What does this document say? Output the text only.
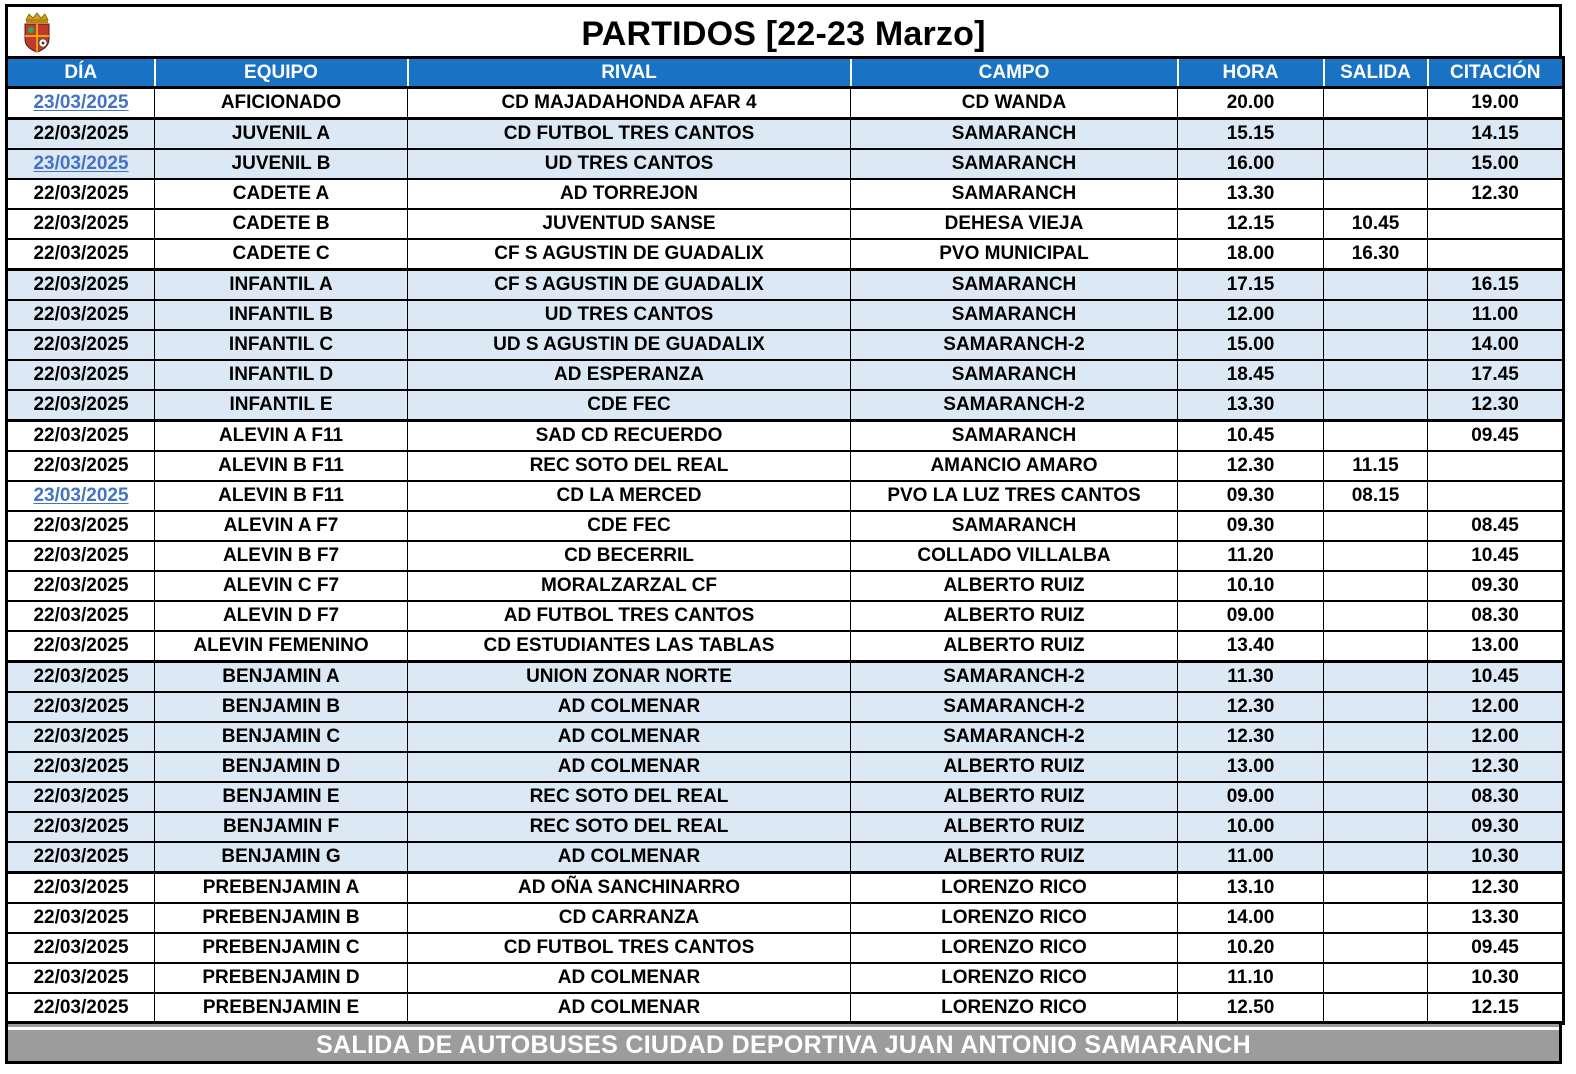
PARTIDOS [22-23 Marzo]
DÍA	EQUIPO	RIVAL	CAMPO	HORA	SALIDA	CITACIÓN
23/03/2025	AFICIONADO	CD MAJADAHONDA AFAR 4	CD WANDA	20.00		19.00
22/03/2025	JUVENIL A	CD FUTBOL TRES CANTOS	SAMARANCH	15.15		14.15
23/03/2025	JUVENIL B	UD TRES CANTOS	SAMARANCH	16.00		15.00
22/03/2025	CADETE A	AD TORREJON	SAMARANCH	13.30		12.30
22/03/2025	CADETE B	JUVENTUD SANSE	DEHESA VIEJA	12.15	10.45	
22/03/2025	CADETE C	CF S AGUSTIN DE GUADALIX	PVO MUNICIPAL	18.00	16.30	
22/03/2025	INFANTIL A	CF S AGUSTIN DE GUADALIX	SAMARANCH	17.15		16.15
22/03/2025	INFANTIL B	UD TRES CANTOS	SAMARANCH	12.00		11.00
22/03/2025	INFANTIL C	UD S AGUSTIN DE GUADALIX	SAMARANCH-2	15.00		14.00
22/03/2025	INFANTIL D	AD ESPERANZA	SAMARANCH	18.45		17.45
22/03/2025	INFANTIL E	CDE FEC	SAMARANCH-2	13.30		12.30
22/03/2025	ALEVIN A F11	SAD CD RECUERDO	SAMARANCH	10.45		09.45
22/03/2025	ALEVIN B F11	REC SOTO DEL REAL	AMANCIO AMARO	12.30	11.15	
23/03/2025	ALEVIN B F11	CD LA MERCED	PVO LA LUZ TRES CANTOS	09.30	08.15	
22/03/2025	ALEVIN A F7	CDE FEC	SAMARANCH	09.30		08.45
22/03/2025	ALEVIN B F7	CD BECERRIL	COLLADO VILLALBA	11.20		10.45
22/03/2025	ALEVIN C F7	MORALZARZAL CF	ALBERTO RUIZ	10.10		09.30
22/03/2025	ALEVIN D F7	AD FUTBOL TRES CANTOS	ALBERTO RUIZ	09.00		08.30
22/03/2025	ALEVIN FEMENINO	CD ESTUDIANTES LAS TABLAS	ALBERTO RUIZ	13.40		13.00
22/03/2025	BENJAMIN A	UNION ZONAR NORTE	SAMARANCH-2	11.30		10.45
22/03/2025	BENJAMIN B	AD COLMENAR	SAMARANCH-2	12.30		12.00
22/03/2025	BENJAMIN C	AD COLMENAR	SAMARANCH-2	12.30		12.00
22/03/2025	BENJAMIN D	AD COLMENAR	ALBERTO RUIZ	13.00		12.30
22/03/2025	BENJAMIN E	REC SOTO DEL REAL	ALBERTO RUIZ	09.00		08.30
22/03/2025	BENJAMIN F	REC SOTO DEL REAL	ALBERTO RUIZ	10.00		09.30
22/03/2025	BENJAMIN G	AD COLMENAR	ALBERTO RUIZ	11.00		10.30
22/03/2025	PREBENJAMIN A	AD OÑA SANCHINARRO	LORENZO RICO	13.10		12.30
22/03/2025	PREBENJAMIN B	CD CARRANZA	LORENZO RICO	14.00		13.30
22/03/2025	PREBENJAMIN C	CD FUTBOL TRES CANTOS	LORENZO RICO	10.20		09.45
22/03/2025	PREBENJAMIN D	AD COLMENAR	LORENZO RICO	11.10		10.30
22/03/2025	PREBENJAMIN E	AD COLMENAR	LORENZO RICO	12.50		12.15
SALIDA DE AUTOBUSES CIUDAD DEPORTIVA JUAN ANTONIO SAMARANCH
